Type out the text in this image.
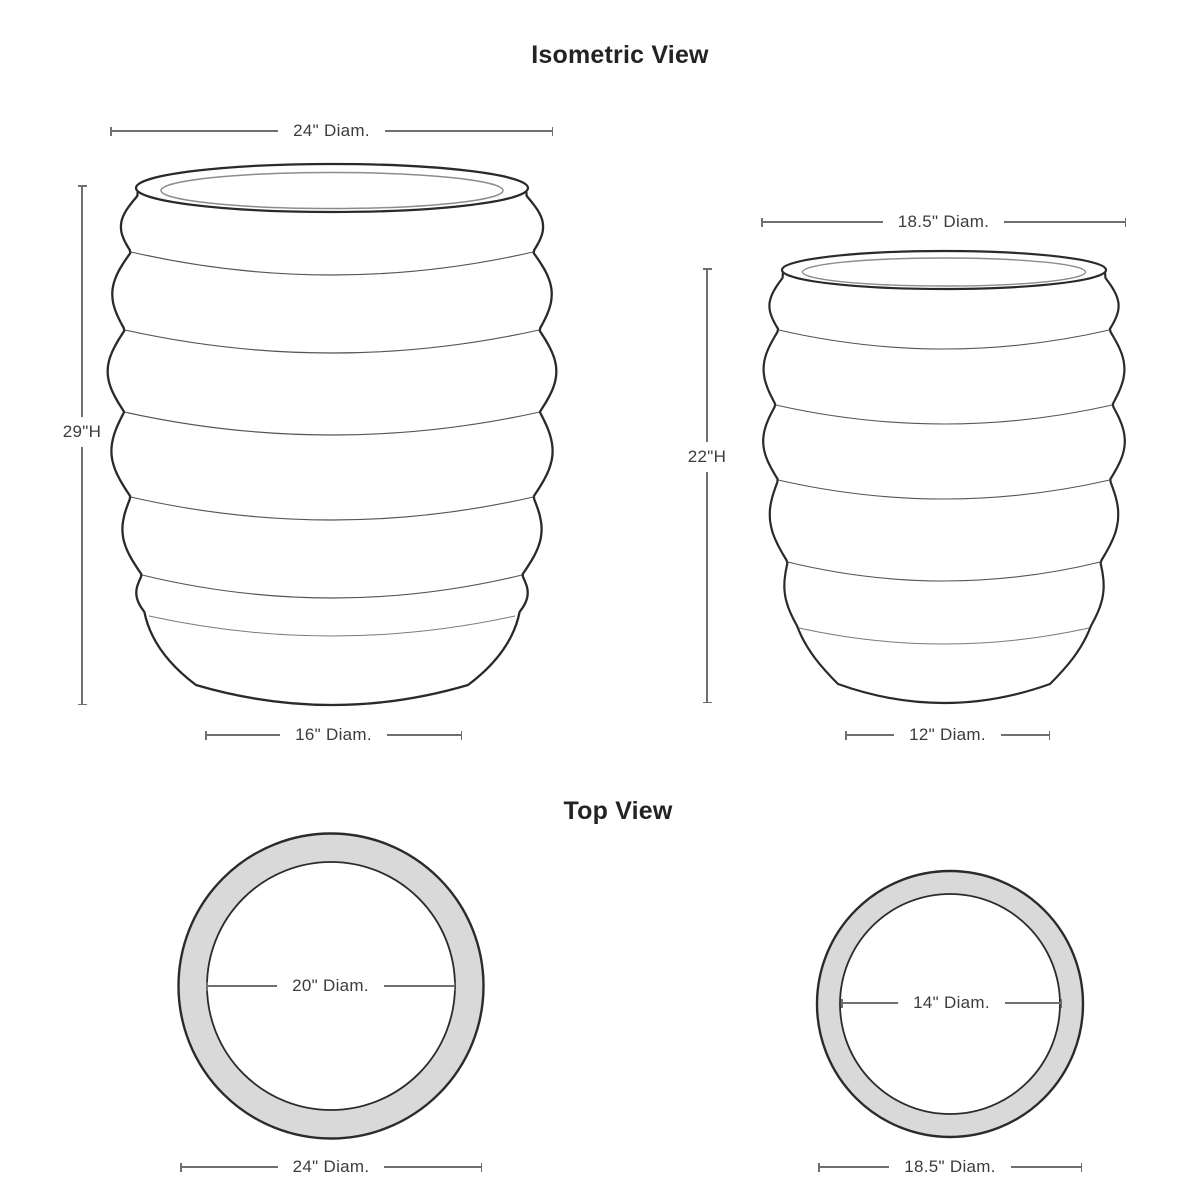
Isometric View
Top View
24" Diam.
29"H
16" Diam.
18.5" Diam.
22"H
12" Diam.
20" Diam.
24" Diam.
14" Diam.
18.5" Diam.
